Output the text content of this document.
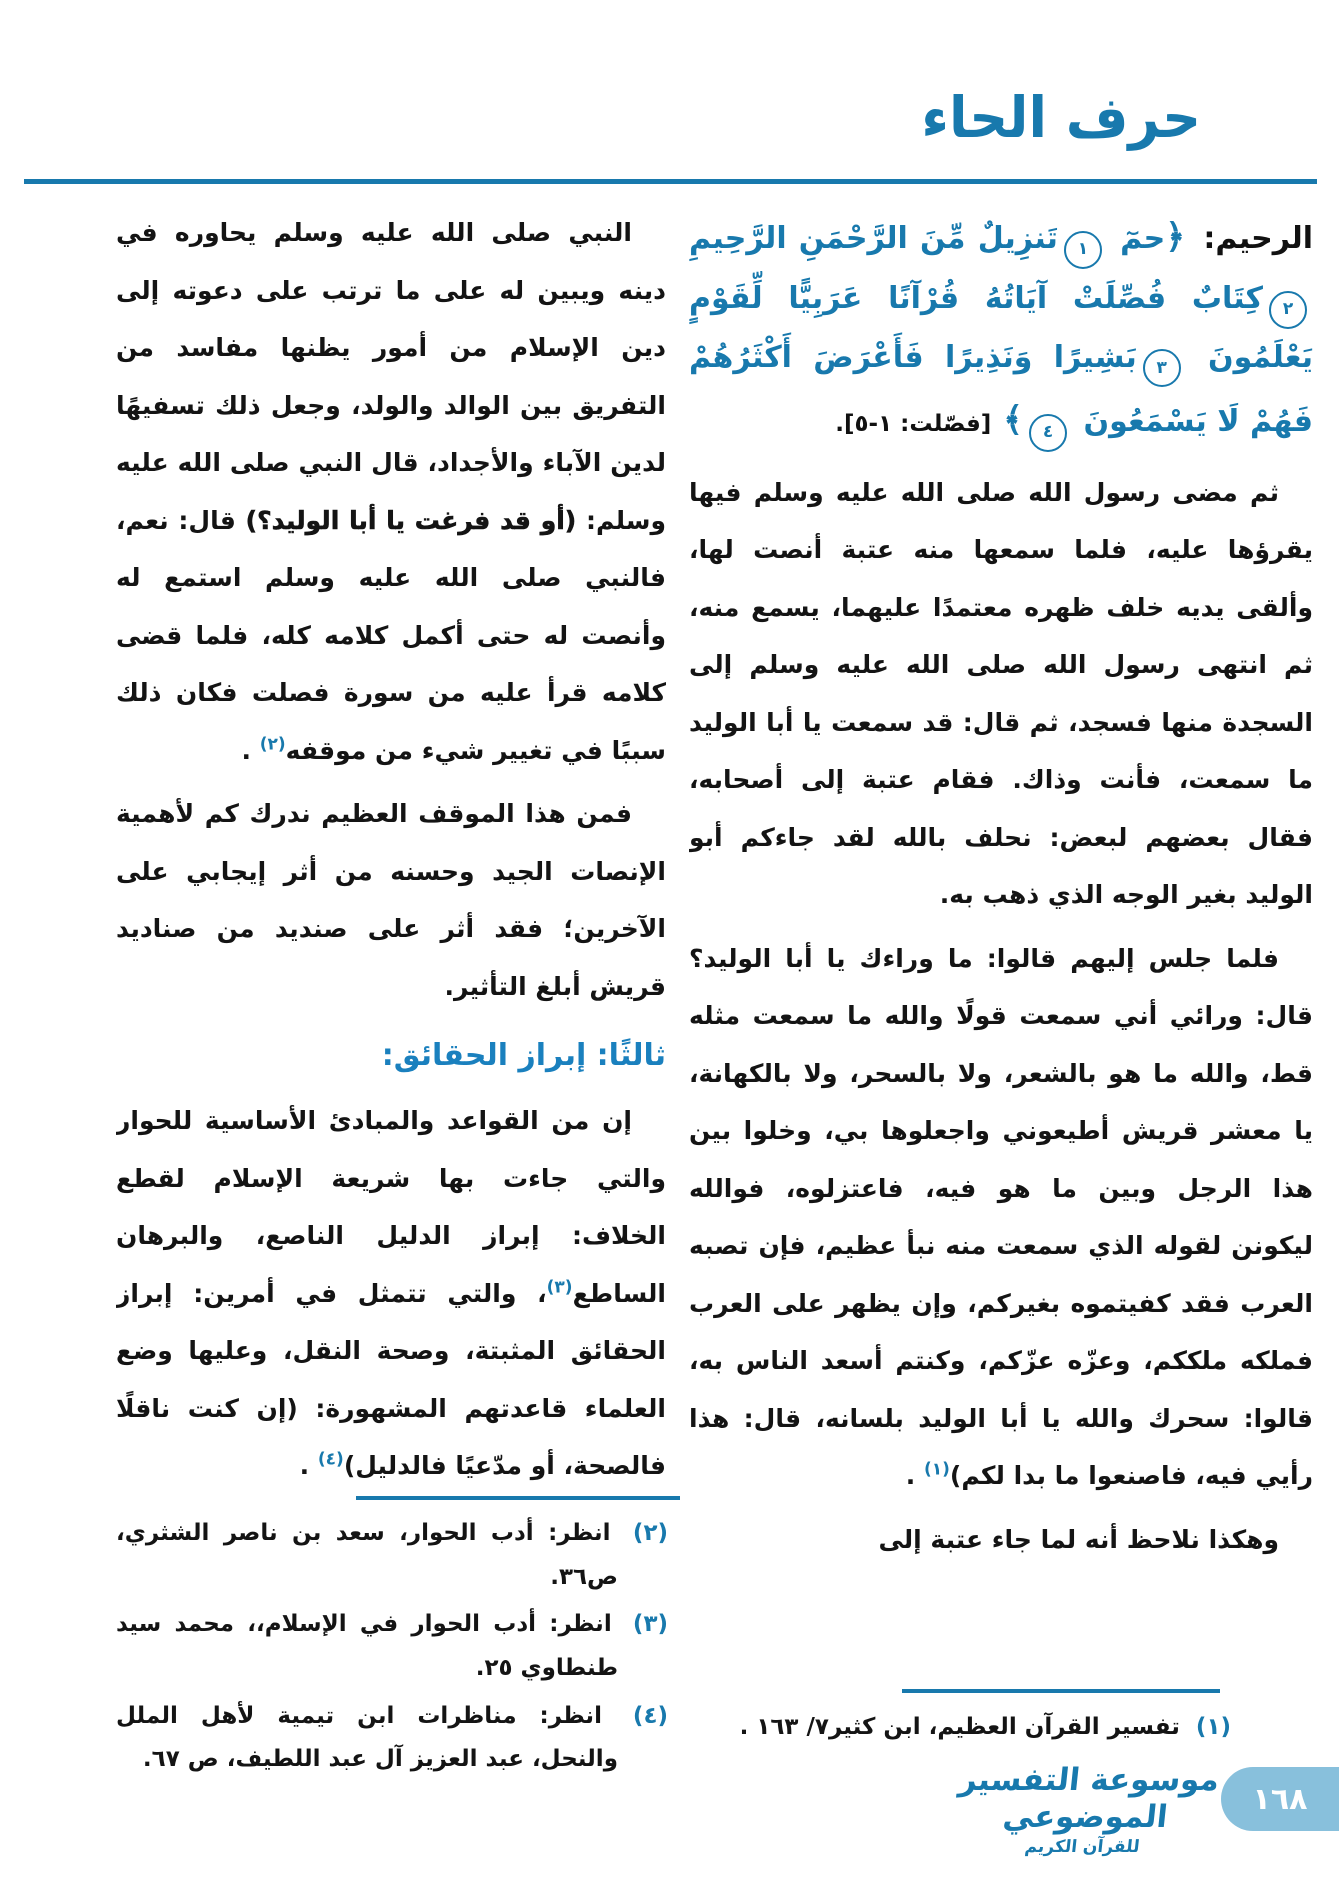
حرف الحاء

الرحيم: ﴿حمٓ ١تَنزِيلٌ مِّنَ الرَّحْمَنِ الرَّحِيمِ ٢كِتَابٌ فُصِّلَتْ آيَاتُهُ قُرْآنًا عَرَبِيًّا لِّقَوْمٍ يَعْلَمُونَ ٣بَشِيرًا وَنَذِيرًا فَأَعْرَضَ أَكْثَرُهُمْ فَهُمْ لَا يَسْمَعُونَ ٤﴾ [فصّلت: ١-٥].

ثم مضى رسول الله صلى الله عليه وسلم فيها يقرؤها عليه، فلما سمعها منه عتبة أنصت لها، وألقى يديه خلف ظهره معتمدًا عليهما، يسمع منه، ثم انتهى رسول الله صلى الله عليه وسلم إلى السجدة منها فسجد، ثم قال: قد سمعت يا أبا الوليد ما سمعت، فأنت وذاك. فقام عتبة إلى أصحابه، فقال بعضهم لبعض: نحلف بالله لقد جاءكم أبو الوليد بغير الوجه الذي ذهب به.

فلما جلس إليهم قالوا: ما وراءك يا أبا الوليد؟ قال: ورائي أني سمعت قولًا والله ما سمعت مثله قط، والله ما هو بالشعر، ولا بالسحر، ولا بالكهانة، يا معشر قريش أطيعوني واجعلوها بي، وخلوا بين هذا الرجل وبين ما هو فيه، فاعتزلوه، فوالله ليكونن لقوله الذي سمعت منه نبأ عظيم، فإن تصبه العرب فقد كفيتموه بغيركم، وإن يظهر على العرب فملكه ملككم، وعزّه عزّكم، وكنتم أسعد الناس به، قالوا: سحرك والله يا أبا الوليد بلسانه، قال: هذا رأيي فيه، فاصنعوا ما بدا لكم)$^{(١)}$ .

وهكذا نلاحظ أنه لما جاء عتبة إلى

النبي صلى الله عليه وسلم يحاوره في دينه ويبين له على ما ترتب على دعوته إلى دين الإسلام من أمور يظنها مفاسد من التفريق بين الوالد والولد، وجعل ذلك تسفيهًا لدين الآباء والأجداد، قال النبي صلى الله عليه وسلم: (أو قد فرغت يا أبا الوليد؟) قال: نعم، فالنبي صلى الله عليه وسلم استمع له وأنصت له حتى أكمل كلامه كله، فلما قضى كلامه قرأ عليه من سورة فصلت فكان ذلك سببًا في تغيير شيء من موقفه$^{(٢)}$ .

فمن هذا الموقف العظيم ندرك كم لأهمية الإنصات الجيد وحسنه من أثر إيجابي على الآخرين؛ فقد أثر على صنديد من صناديد قريش أبلغ التأثير.

ثالثًا: إبراز الحقائق:

إن من القواعد والمبادئ الأساسية للحوار والتي جاءت بها شريعة الإسلام لقطع الخلاف: إبراز الدليل الناصع، والبرهان الساطع$^{(٣)}$، والتي تتمثل في أمرين: إبراز الحقائق المثبتة، وصحة النقل، وعليها وضع العلماء قاعدتهم المشهورة: (إن كنت ناقلًا فالصحة، أو مدّعيًا فالدليل)$^{(٤)}$ .

(٢) انظر: أدب الحوار، سعد بن ناصر الشثري، ص٣٦.
(٣) انظر: أدب الحوار في الإسلام،، محمد سيد طنطاوي ٢٥.
(٤) انظر: مناظرات ابن تيمية لأهل الملل والنحل، عبد العزيز آل عبد اللطيف، ص ٦٧.
(١) تفسير القرآن العظيم، ابن كثير٧/ ١٦٣ .
موسوعة التفسير الموضوعي
للقرآن الكريم
١٦٨
